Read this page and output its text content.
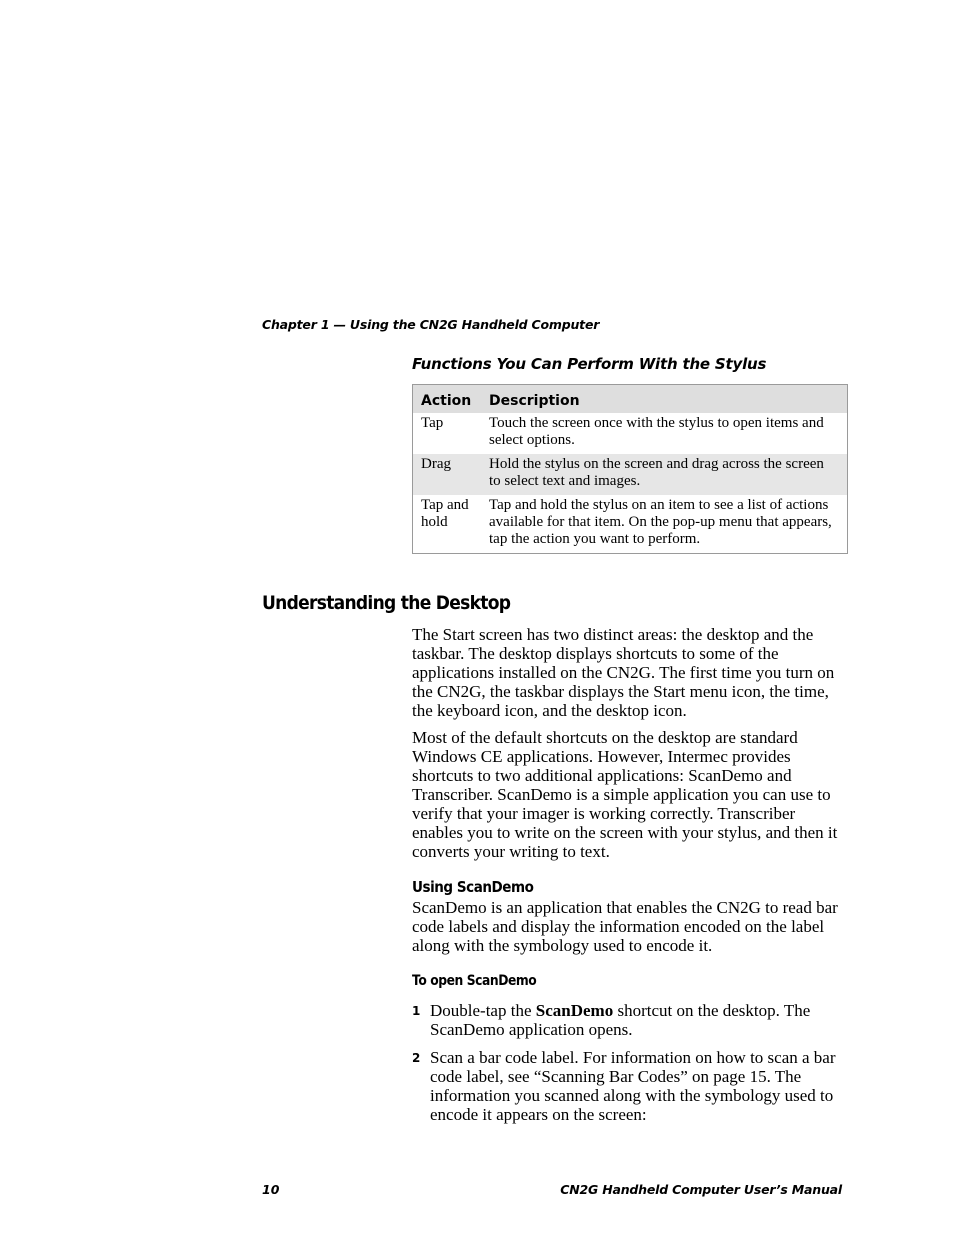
Chapter 1 — Using the CN2G Handheld Computer
Functions You Can Perform With the Stylus
Action	Description
Tap	Touch the screen once with the stylus to open items and select options.
Drag	Hold the stylus on the screen and drag across the screen to select text and images.
Tap and hold	Tap and hold the stylus on an item to see a list of actions available for that item. On the pop-up menu that appears, tap the action you want to perform.
Understanding the Desktop

The Start screen has two distinct areas: the desktop and the taskbar. The desktop displays shortcuts to some of the applications installed on the CN2G. The first time you turn on the CN2G, the taskbar displays the Start menu icon, the time, the keyboard icon, and the desktop icon.

Most of the default shortcuts on the desktop are standard Windows CE applications. However, Intermec provides shortcuts to two additional applications: ScanDemo and Transcriber. ScanDemo is a simple application you can use to verify that your imager is working correctly. Transcriber enables you to write on the screen with your stylus, and then it converts your writing to text.

Using ScanDemo

ScanDemo is an application that enables the CN2G to read bar code labels and display the information encoded on the label along with the symbology used to encode it.

To open ScanDemo
1 Double-tap the ScanDemo shortcut on the desktop. The ScanDemo application opens.
2 Scan a bar code label. For information on how to scan a bar code label, see “Scanning Bar Codes” on page 15. The information you scanned along with the symbology used to encode it appears on the screen:
10	CN2G Handheld Computer User’s Manual
